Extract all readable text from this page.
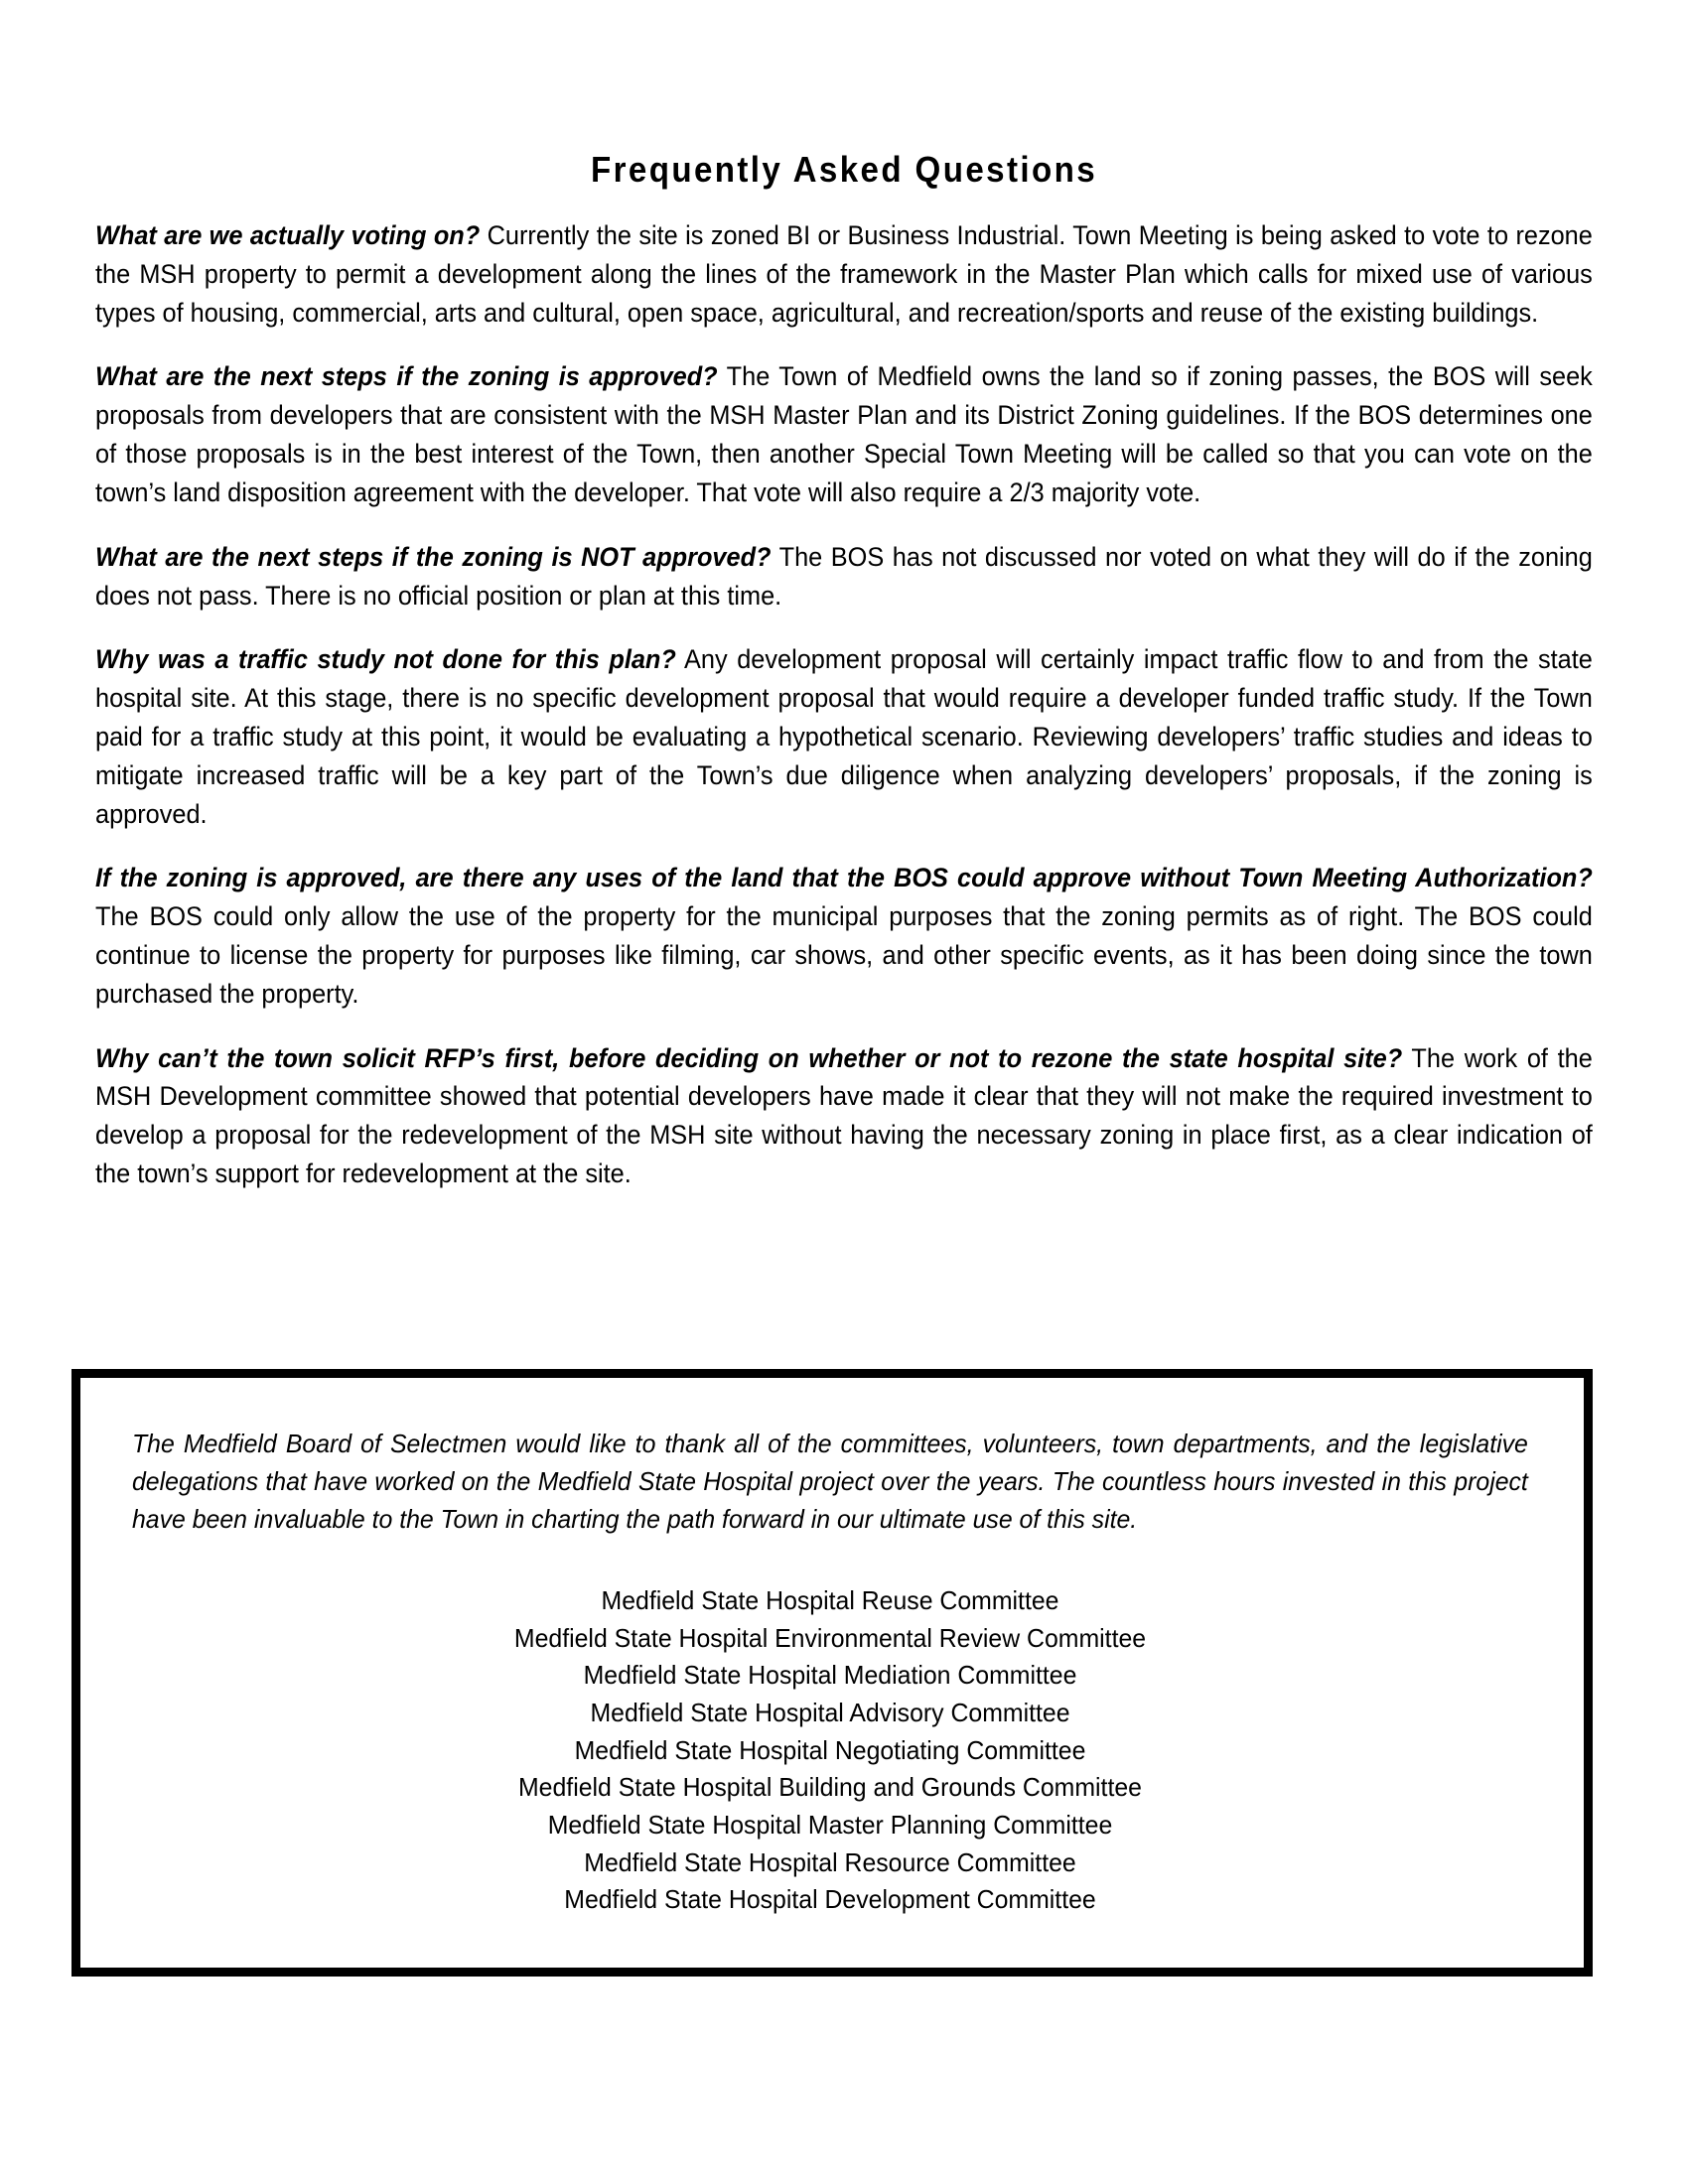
Frequently Asked Questions

What are we actually voting on? Currently the site is zoned BI or Business Industrial. Town Meeting is being asked to vote to rezone the MSH property to permit a development along the lines of the framework in the Master Plan which calls for mixed use of various types of housing, commercial, arts and cultural, open space, agricultural, and recreation/sports and reuse of the existing buildings.

What are the next steps if the zoning is approved? The Town of Medfield owns the land so if zoning passes, the BOS will seek proposals from developers that are consistent with the MSH Master Plan and its District Zoning guidelines. If the BOS determines one of those proposals is in the best interest of the Town, then another Special Town Meeting will be called so that you can vote on the town’s land disposition agreement with the developer. That vote will also require a 2/3 majority vote.

What are the next steps if the zoning is NOT approved? The BOS has not discussed nor voted on what they will do if the zoning does not pass. There is no official position or plan at this time.

Why was a traffic study not done for this plan? Any development proposal will certainly impact traffic flow to and from the state hospital site. At this stage, there is no specific development proposal that would require a developer funded traffic study. If the Town paid for a traffic study at this point, it would be evaluating a hypothetical scenario. Reviewing developers’ traffic studies and ideas to mitigate increased traffic will be a key part of the Town’s due diligence when analyzing developers’ proposals, if the zoning is approved.

If the zoning is approved, are there any uses of the land that the BOS could approve without Town Meeting Authorization? The BOS could only allow the use of the property for the municipal purposes that the zoning permits as of right. The BOS could continue to license the property for purposes like filming, car shows, and other specific events, as it has been doing since the town purchased the property.

Why can’t the town solicit RFP’s first, before deciding on whether or not to rezone the state hospital site? The work of the MSH Development committee showed that potential developers have made it clear that they will not make the required investment to develop a proposal for the redevelopment of the MSH site without having the necessary zoning in place first, as a clear indication of the town’s support for redevelopment at the site.

The Medfield Board of Selectmen would like to thank all of the committees, volunteers, town departments, and the legislative delegations that have worked on the Medfield State Hospital project over the years. The countless hours invested in this project have been invaluable to the Town in charting the path forward in our ultimate use of this site.

Medfield State Hospital Reuse Committee
Medfield State Hospital Environmental Review Committee
Medfield State Hospital Mediation Committee
Medfield State Hospital Advisory Committee
Medfield State Hospital Negotiating Committee
Medfield State Hospital Building and Grounds Committee
Medfield State Hospital Master Planning Committee
Medfield State Hospital Resource Committee
Medfield State Hospital Development Committee
